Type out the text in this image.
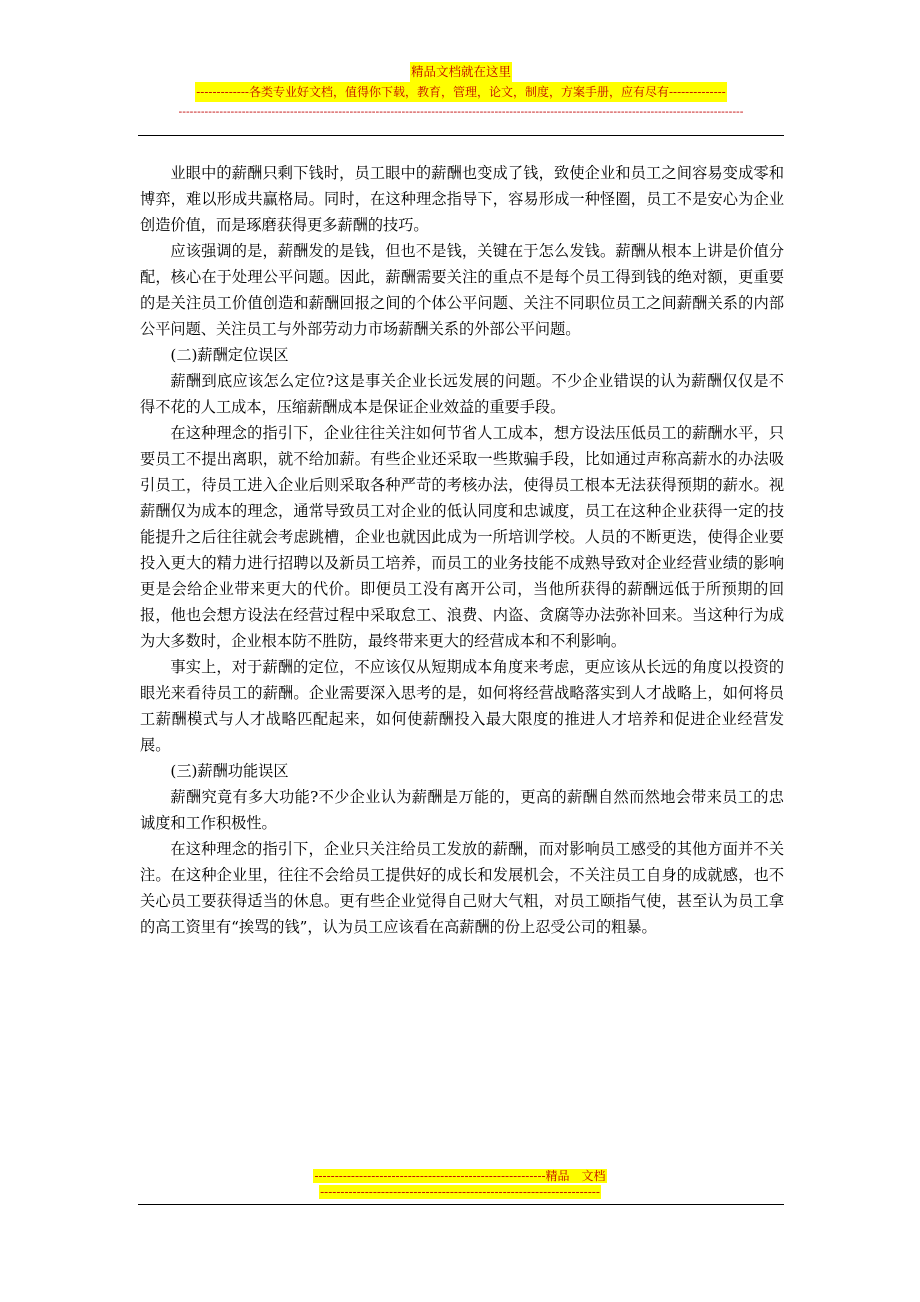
精品文档就在这里
-------------各类专业好文档，值得你下载，教育，管理，论文，制度，方案手册，应有尽有--------------
--------------------------------------------------------------------------------------------------------------------------------------------------------

业眼中的薪酬只剩下钱时，员工眼中的薪酬也变成了钱，致使企业和员工之间容易变成零和博弈，难以形成共赢格局。同时，在这种理念指导下，容易形成一种怪圈，员工不是安心为企业创造价值，而是琢磨获得更多薪酬的技巧。

应该强调的是，薪酬发的是钱，但也不是钱，关键在于怎么发钱。薪酬从根本上讲是价值分配，核心在于处理公平问题。因此，薪酬需要关注的重点不是每个员工得到钱的绝对额，更重要的是关注员工价值创造和薪酬回报之间的个体公平问题、关注不同职位员工之间薪酬关系的内部公平问题、关注员工与外部劳动力市场薪酬关系的外部公平问题。

(二)薪酬定位误区

薪酬到底应该怎么定位?这是事关企业长远发展的问题。不少企业错误的认为薪酬仅仅是不得不花的人工成本，压缩薪酬成本是保证企业效益的重要手段。

在这种理念的指引下，企业往往关注如何节省人工成本，想方设法压低员工的薪酬水平，只要员工不提出离职，就不给加薪。有些企业还采取一些欺骗手段，比如通过声称高薪水的办法吸引员工，待员工进入企业后则采取各种严苛的考核办法，使得员工根本无法获得预期的薪水。视薪酬仅为成本的理念，通常导致员工对企业的低认同度和忠诚度，员工在这种企业获得一定的技能提升之后往往就会考虑跳槽，企业也就因此成为一所培训学校。人员的不断更迭，使得企业要投入更大的精力进行招聘以及新员工培养，而员工的业务技能不成熟导致对企业经营业绩的影响更是会给企业带来更大的代价。即便员工没有离开公司，当他所获得的薪酬远低于所预期的回报，他也会想方设法在经营过程中采取怠工、浪费、内盗、贪腐等办法弥补回来。当这种行为成为大多数时，企业根本防不胜防，最终带来更大的经营成本和不利影响。

事实上，对于薪酬的定位，不应该仅从短期成本角度来考虑，更应该从长远的角度以投资的眼光来看待员工的薪酬。企业需要深入思考的是，如何将经营战略落实到人才战略上，如何将员工薪酬模式与人才战略匹配起来，如何使薪酬投入最大限度的推进人才培养和促进企业经营发展。

(三)薪酬功能误区

薪酬究竟有多大功能?不少企业认为薪酬是万能的，更高的薪酬自然而然地会带来员工的忠诚度和工作积极性。

在这种理念的指引下，企业只关注给员工发放的薪酬，而对影响员工感受的其他方面并不关注。在这种企业里，往往不会给员工提供好的成长和发展机会，不关注员工自身的成就感，也不关心员工要获得适当的休息。更有些企业觉得自己财大气粗，对员工颐指气使，甚至认为员工拿的高工资里有“挨骂的钱”，认为员工应该看在高薪酬的份上忍受公司的粗暴。

---------------------------------------------------------精品　文档
---------------------------------------------------------------------
